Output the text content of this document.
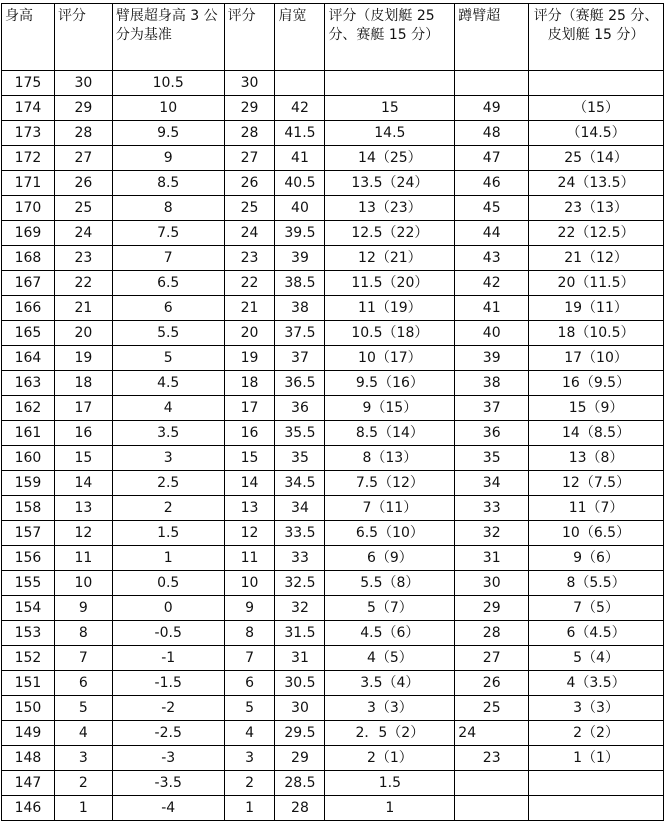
身高	评分	臂展超身高 3 公分为基准	评分	肩宽	评分（皮划艇 25 分、赛艇 15 分）	蹲臂超	评分（赛艇 25 分、皮划艇 15 分）
175	30	10.5	30				
174	29	10	29	42	15	49	（15）
173	28	9.5	28	41.5	14.5	48	（14.5）
172	27	9	27	41	14（25）	47	25（14）
171	26	8.5	26	40.5	13.5（24）	46	24（13.5）
170	25	8	25	40	13（23）	45	23（13）
169	24	7.5	24	39.5	12.5（22）	44	22（12.5）
168	23	7	23	39	12（21）	43	21（12）
167	22	6.5	22	38.5	11.5（20）	42	20（11.5）
166	21	6	21	38	11（19）	41	19（11）
165	20	5.5	20	37.5	10.5（18）	40	18（10.5）
164	19	5	19	37	10（17）	39	17（10）
163	18	4.5	18	36.5	9.5（16）	38	16（9.5）
162	17	4	17	36	9（15）	37	15（9）
161	16	3.5	16	35.5	8.5（14）	36	14（8.5）
160	15	3	15	35	8（13）	35	13（8）
159	14	2.5	14	34.5	7.5（12）	34	12（7.5）
158	13	2	13	34	7（11）	33	11（7）
157	12	1.5	12	33.5	6.5（10）	32	10（6.5）
156	11	1	11	33	6（9）	31	9（6）
155	10	0.5	10	32.5	5.5（8）	30	8（5.5）
154	9	0	9	32	5（7）	29	7（5）
153	8	-0.5	8	31.5	4.5（6）	28	6（4.5）
152	7	-1	7	31	4（5）	27	5（4）
151	6	-1.5	6	30.5	3.5（4）	26	4（3.5）
150	5	-2	5	30	3（3）	25	3（3）
149	4	-2.5	4	29.5	2．5（2）	24	2（2）
148	3	-3	3	29	2（1）	23	1（1）
147	2	-3.5	2	28.5	1.5		
146	1	-4	1	28	1		
